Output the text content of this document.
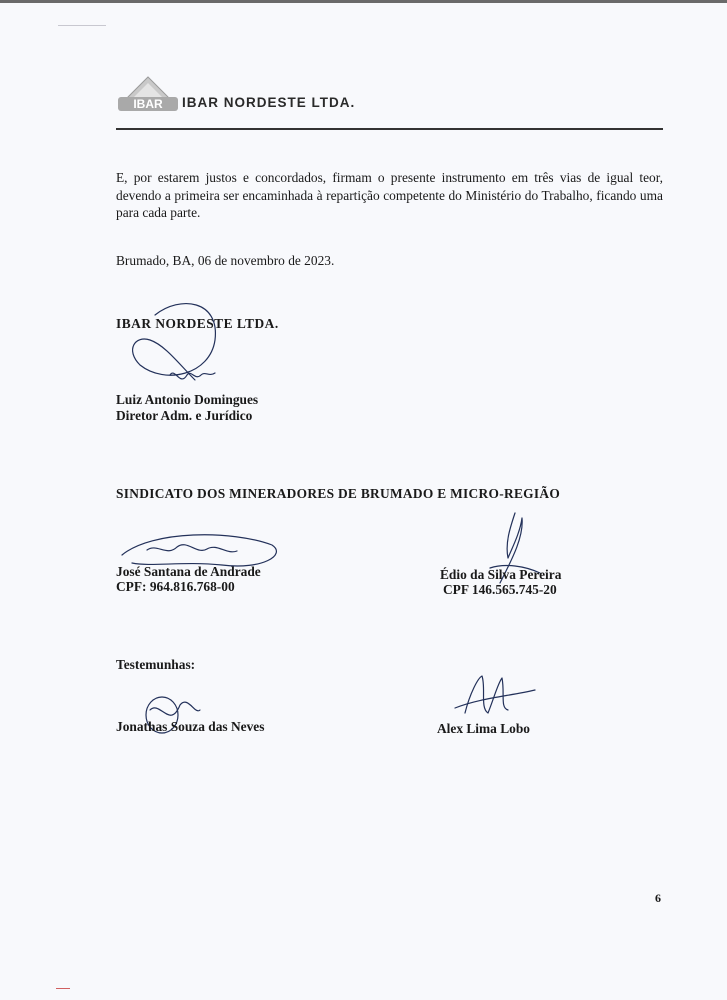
IBAR IBAR NORDESTE LTDA.

E, por estarem justos e concordados, firmam o presente instrumento em três vias de igual teor, devendo a primeira ser encaminhada à repartição competente do Ministério do Trabalho, ficando uma para cada parte.

Brumado, BA, 06 de novembro de 2023.

IBAR NORDESTE LTDA.

Luiz Antonio Domingues

Diretor Adm. e Jurídico

SINDICATO DOS MINERADORES DE BRUMADO E MICRO-REGIÃO

José Santana de Andrade

CPF: 964.816.768-00

Édio da Silva Pereira

CPF 146.565.745-20

Testemunhas:

Jonathas Souza das Neves	Alex Lima Lobo

6
